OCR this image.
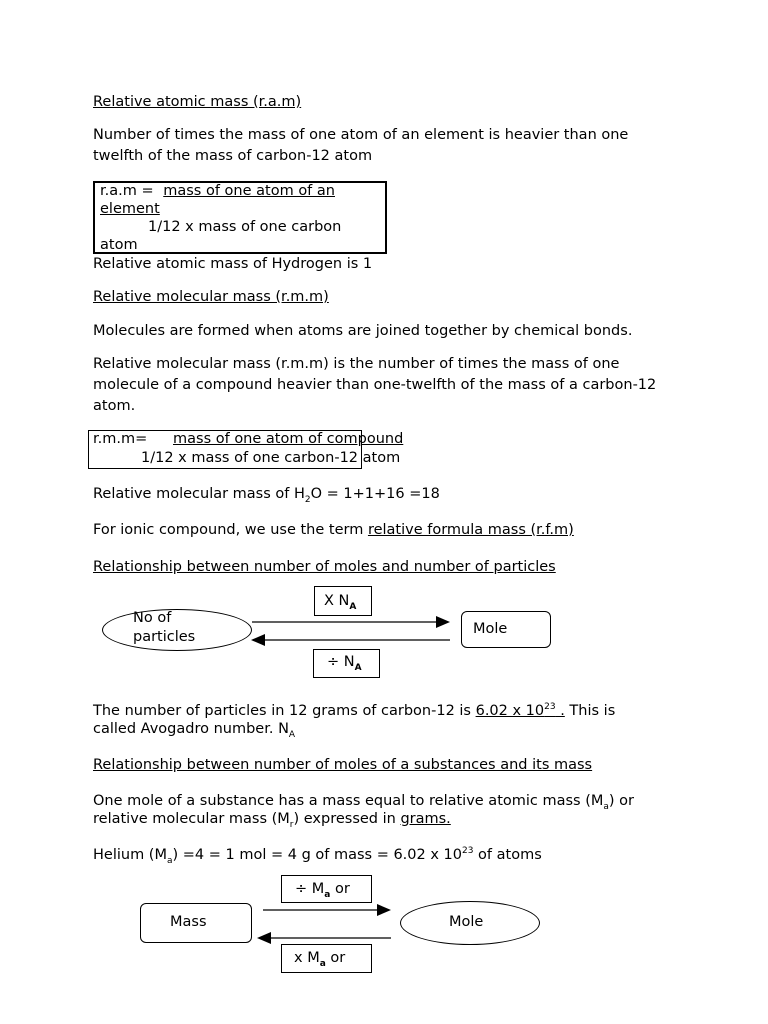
Relative atomic mass (r.a.m)
Number of times the mass of one atom of an element is heavier than one twelfth of the mass of carbon-12 atom
r.a.m = mass of one atom of an
element
1/12 x mass of one carbon
atom
Relative atomic mass of Hydrogen is 1
Relative molecular mass (r.m.m)
Molecules are formed when atoms are joined together by chemical bonds.
Relative molecular mass (r.m.m) is the number of times the mass of one molecule of a compound heavier than one-twelfth of the mass of a carbon-12 atom.
r.m.m= mass of one atom of compound
1/12 x mass of one carbon-12 atom
Relative molecular mass of $H_2O = 1+1+16 =18$
For ionic compound, we use the term relative formula mass (r.f.m)
Relationship between number of moles and number of particles
X $N_A$
No of
particles	Mole
÷ $N_A$
The number of particles in 12 grams of carbon-12 is 6.02 x $10^{23}$ . This is
called Avogadro number. $N_A$
Relationship between number of moles of a substances and its mass
One mole of a substance has a mass equal to relative atomic mass $(M_a)$ or
relative molecular mass $(M_r)$ expressed in grams.
Helium $(M_a) =4 = 1$ mol = 4 g of mass = 6.02 x $10^{23}$ of atoms
÷ $M_a$ or
Mass	Mole
x $M_a$ or
